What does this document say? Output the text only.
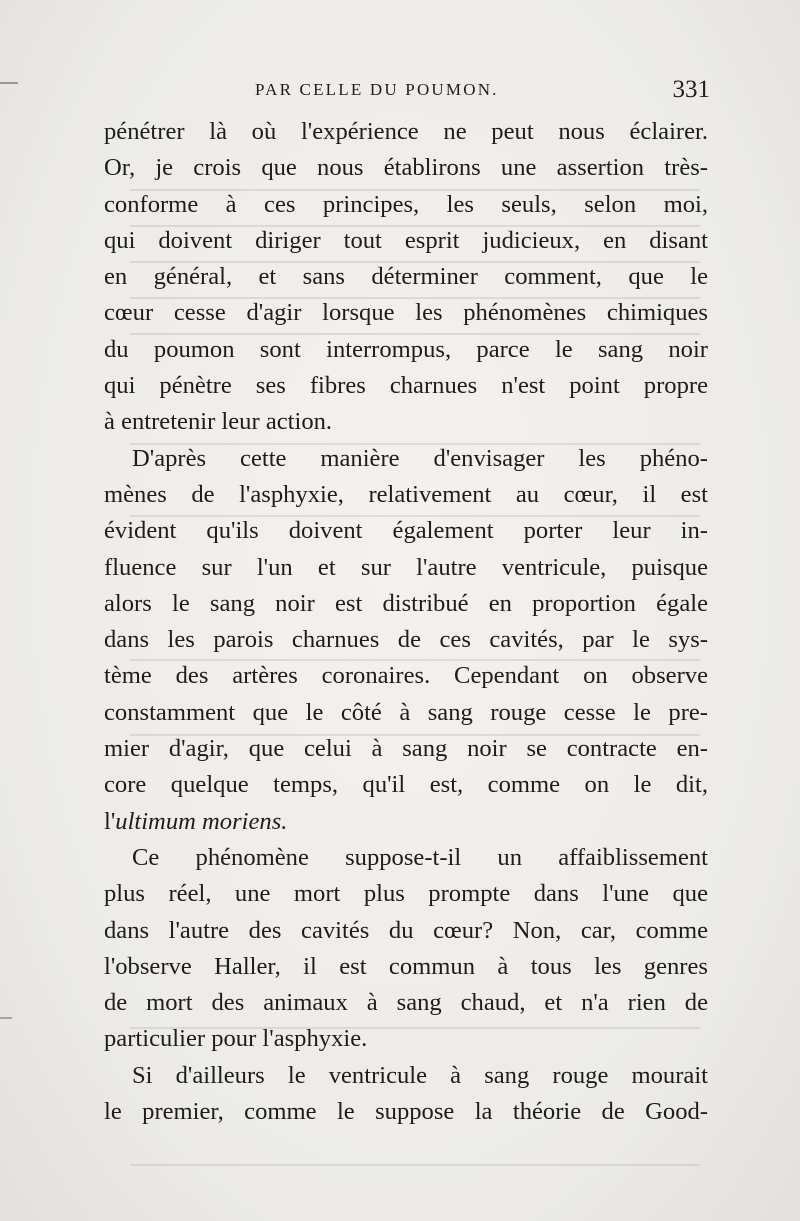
PAR CELLE DU POUMON.	331
pénétrer là où l'expérience ne peut nous éclairer.
Or, je crois que nous établirons une assertion très-
conforme à ces principes, les seuls, selon moi,
qui doivent diriger tout esprit judicieux, en disant
en général, et sans déterminer comment, que le
cœur cesse d'agir lorsque les phénomènes chimiques
du poumon sont interrompus, parce le sang noir
qui pénètre ses fibres charnues n'est point propre
à entretenir leur action.
D'après cette manière d'envisager les phéno-
mènes de l'asphyxie, relativement au cœur, il est
évident qu'ils doivent également porter leur in-
fluence sur l'un et sur l'autre ventricule, puisque
alors le sang noir est distribué en proportion égale
dans les parois charnues de ces cavités, par le sys-
tème des artères coronaires. Cependant on observe
constamment que le côté à sang rouge cesse le pre-
mier d'agir, que celui à sang noir se contracte en-
core quelque temps, qu'il est, comme on le dit,
l'ultimum moriens.
Ce phénomène suppose-t-il un affaiblissement
plus réel, une mort plus prompte dans l'une que
dans l'autre des cavités du cœur? Non, car, comme
l'observe Haller, il est commun à tous les genres
de mort des animaux à sang chaud, et n'a rien de
particulier pour l'asphyxie.
Si d'ailleurs le ventricule à sang rouge mourait
le premier, comme le suppose la théorie de Good-
